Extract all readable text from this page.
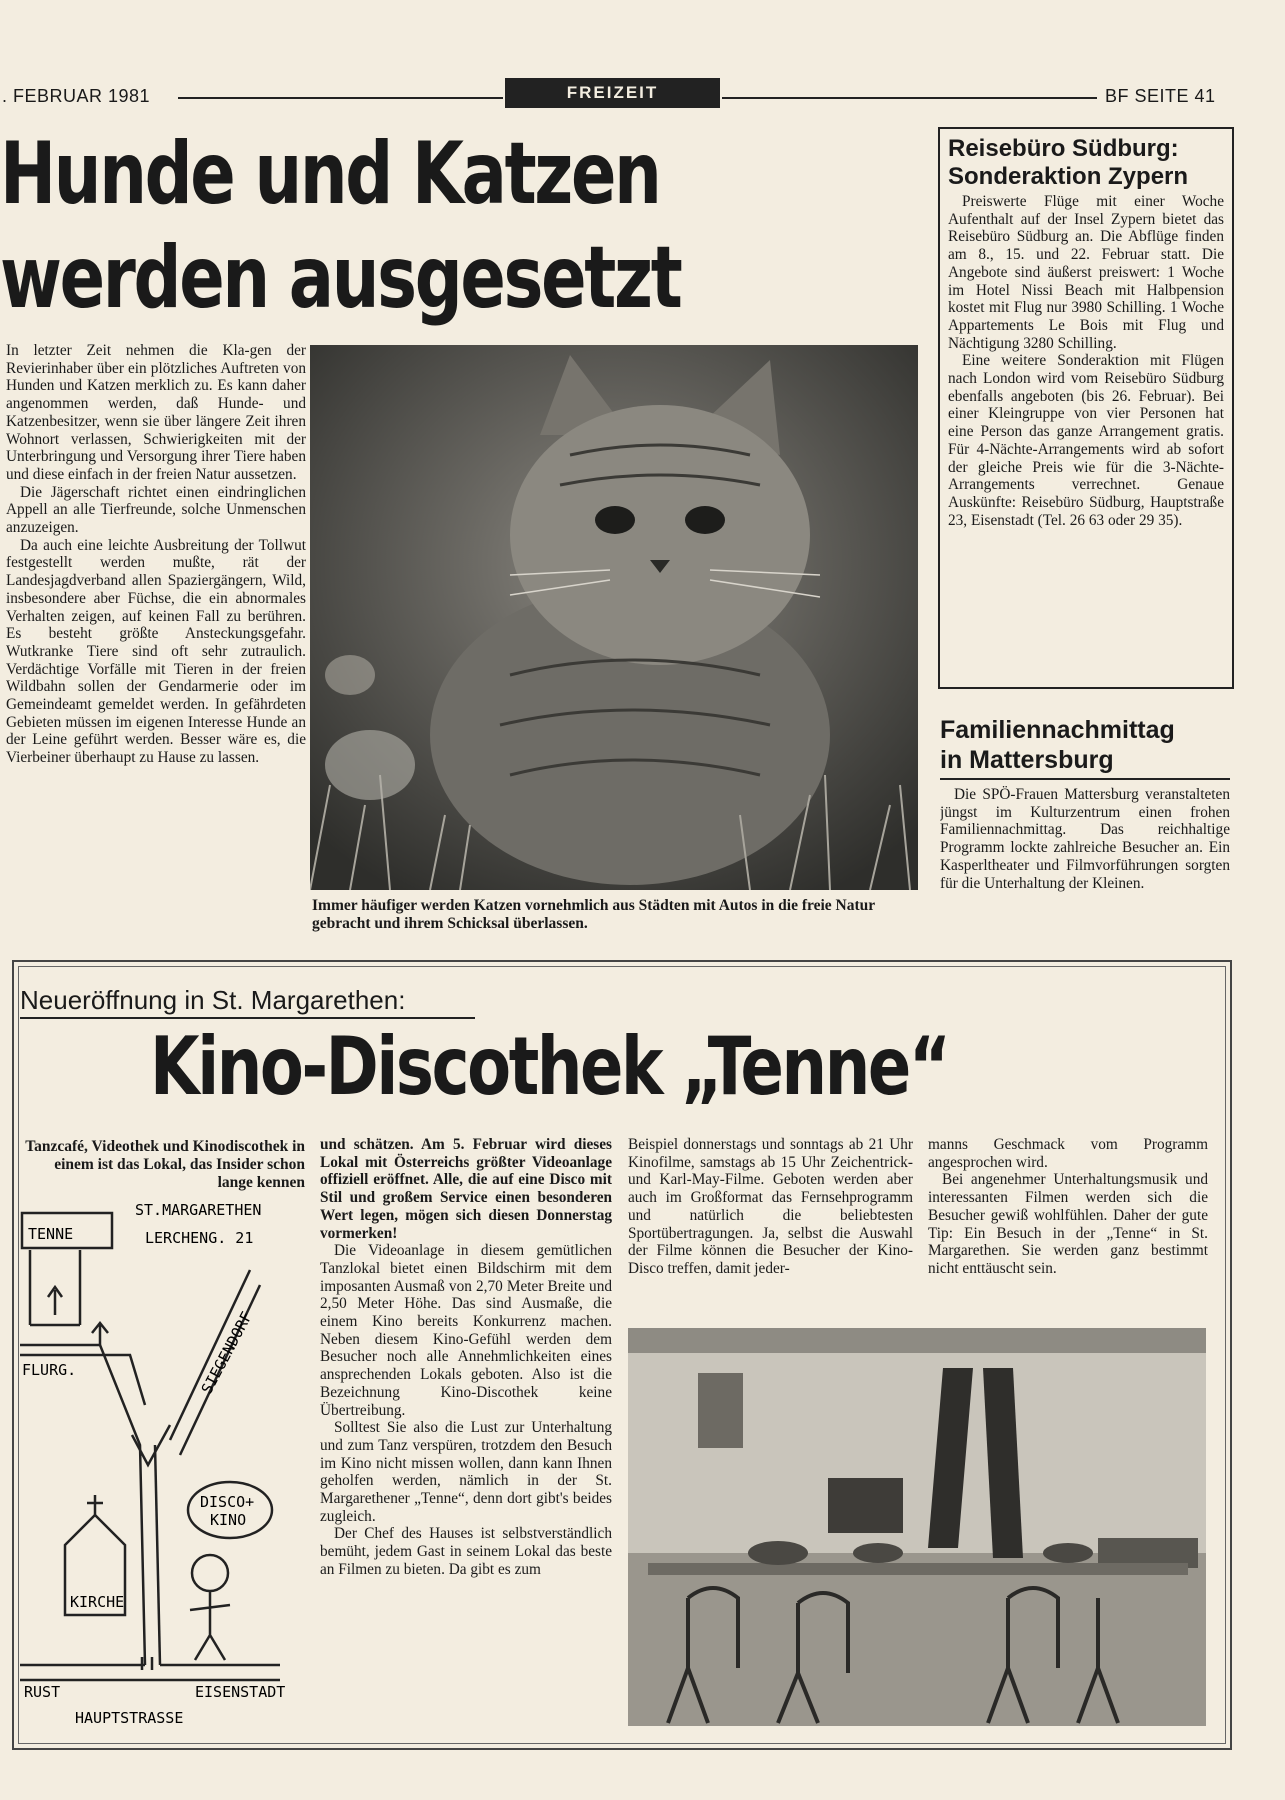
. FEBRUAR 1981	FREIZEIT	BF SEITE 41
Hunde und Katzen
werden ausgesetzt

In letzter Zeit nehmen die Kla-gen der Revierinhaber über ein plötzliches Auftreten von Hunden und Katzen merklich zu. Es kann daher angenommen werden, daß Hunde- und Katzenbesitzer, wenn sie über längere Zeit ihren Wohnort verlassen, Schwierigkeiten mit der Unterbringung und Versorgung ihrer Tiere haben und diese einfach in der freien Natur aussetzen.

Die Jägerschaft richtet einen eindringlichen Appell an alle Tierfreunde, solche Unmenschen anzuzeigen.

Da auch eine leichte Ausbreitung der Tollwut festgestellt werden mußte, rät der Landesjagdverband allen Spaziergängern, Wild, insbesondere aber Füchse, die ein abnormales Verhalten zeigen, auf keinen Fall zu berühren. Es besteht größte Ansteckungsgefahr. Wutkranke Tiere sind oft sehr zutraulich. Verdächtige Vorfälle mit Tieren in der freien Wildbahn sollen der Gendarmerie oder im Gemeindeamt gemeldet werden. In gefährdeten Gebieten müssen im eigenen Interesse Hunde an der Leine geführt werden. Besser wäre es, die Vierbeiner überhaupt zu Hause zu lassen.

Immer häufiger werden Katzen vornehmlich aus Städten mit Autos in die freie Natur gebracht und ihrem Schicksal überlassen.
Reisebüro Südburg:
Sonderaktion Zypern

Preiswerte Flüge mit einer Woche Aufenthalt auf der Insel Zypern bietet das Reisebüro Südburg an. Die Abflüge finden am 8., 15. und 22. Februar statt. Die Angebote sind äußerst preiswert: 1 Woche im Hotel Nissi Beach mit Halbpension kostet mit Flug nur 3980 Schilling. 1 Woche Appartements Le Bois mit Flug und Nächtigung 3280 Schilling.

Eine weitere Sonderaktion mit Flügen nach London wird vom Reisebüro Südburg ebenfalls angeboten (bis 26. Februar). Bei einer Kleingruppe von vier Personen hat eine Person das ganze Arrangement gratis. Für 4-Nächte-Arrangements wird ab sofort der gleiche Preis wie für die 3-Nächte-Arrangements verrechnet. Genaue Auskünfte: Reisebüro Südburg, Hauptstraße 23, Eisenstadt (Tel. 26 63 oder 29 35).

Familiennachmittag
in Mattersburg

Die SPÖ-Frauen Mattersburg veranstalteten jüngst im Kulturzentrum einen frohen Familiennachmittag. Das reichhaltige Programm lockte zahlreiche Besucher an. Ein Kasperltheater und Filmvorführungen sorgten für die Unterhaltung der Kleinen.

Neueröffnung in St. Margarethen:
Kino-Discothek „Tenne“
Tanzcafé, Videothek und Kinodiscothek in einem ist das Lokal, das Insider schon lange kennen
TENNE
ST.MARGARETHEN
LERCHENG. 21
FLURG.	SIEGENDORF
DISCO+
KINO
KIRCHE
RUST	EISENSTADT
HAUPTSTRASSE

und schätzen. Am 5. Februar wird dieses Lokal mit Österreichs größter Videoanlage offiziell eröffnet. Alle, die auf eine Disco mit Stil und großem Service einen besonderen Wert legen, mögen sich diesen Donnerstag vormerken!

Die Videoanlage in diesem gemütlichen Tanzlokal bietet einen Bildschirm mit dem imposanten Ausmaß von 2,70 Meter Breite und 2,50 Meter Höhe. Das sind Ausmaße, die einem Kino bereits Konkurrenz machen. Neben diesem Kino-Gefühl werden dem Besucher noch alle Annehmlichkeiten eines ansprechenden Lokals geboten. Also ist die Bezeichnung Kino-Discothek keine Übertreibung.

Solltest Sie also die Lust zur Unterhaltung und zum Tanz verspüren, trotzdem den Besuch im Kino nicht missen wollen, dann kann Ihnen geholfen werden, nämlich in der St. Margarethener „Tenne“, denn dort gibt's beides zugleich.

Der Chef des Hauses ist selbstverständlich bemüht, jedem Gast in seinem Lokal das beste an Filmen zu bieten. Da gibt es zum

Beispiel donnerstags und sonntags ab 21 Uhr Kinofilme, samstags ab 15 Uhr Zeichentrick- und Karl-May-Filme. Geboten werden aber auch im Großformat das Fernsehprogramm und natürlich die beliebtesten Sportübertragungen. Ja, selbst die Auswahl der Filme können die Besucher der Kino-Disco treffen, damit jeder-

manns Geschmack vom Programm angesprochen wird.

Bei angenehmer Unterhaltungsmusik und interessanten Filmen werden sich die Besucher gewiß wohlfühlen. Daher der gute Tip: Ein Besuch in der „Tenne“ in St. Margarethen. Sie werden ganz bestimmt nicht enttäuscht sein.
